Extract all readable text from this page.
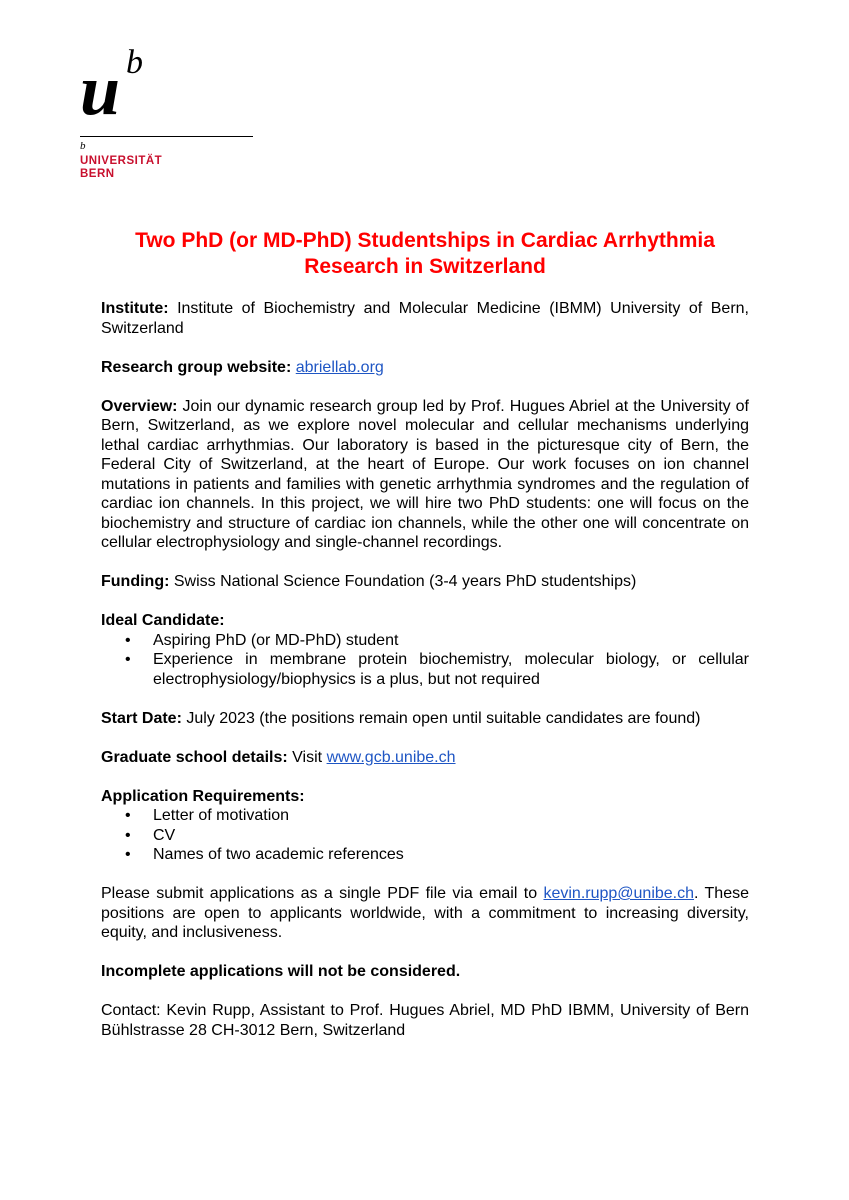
u b
b
UNIVERSITÄT
BERN
Two PhD (or MD-PhD) Studentships in Cardiac Arrhythmia
Research in Switzerland

Institute: Institute of Biochemistry and Molecular Medicine (IBMM) University of Bern, Switzerland

Research group website: abriellab.org

Overview: Join our dynamic research group led by Prof. Hugues Abriel at the University of Bern, Switzerland, as we explore novel molecular and cellular mechanisms underlying lethal cardiac arrhythmias. Our laboratory is based in the picturesque city of Bern, the Federal City of Switzerland, at the heart of Europe. Our work focuses on ion channel mutations in patients and families with genetic arrhythmia syndromes and the regulation of cardiac ion channels. In this project, we will hire two PhD students: one will focus on the biochemistry and structure of cardiac ion channels, while the other one will concentrate on cellular electrophysiology and single-channel recordings.

Funding: Swiss National Science Foundation (3-4 years PhD studentships)

Ideal Candidate:

• Aspiring PhD (or MD-PhD) student
• Experience in membrane protein biochemistry, molecular biology, or cellular electrophysiology/biophysics is a plus, but not required

Start Date: July 2023 (the positions remain open until suitable candidates are found)

Graduate school details: Visit www.gcb.unibe.ch

Application Requirements:

• Letter of motivation
• CV
• Names of two academic references

Please submit applications as a single PDF file via email to kevin.rupp@unibe.ch. These positions are open to applicants worldwide, with a commitment to increasing diversity, equity, and inclusiveness.

Incomplete applications will not be considered.

Contact: Kevin Rupp, Assistant to Prof. Hugues Abriel, MD PhD IBMM, University of Bern Bühlstrasse 28 CH-3012 Bern, Switzerland
